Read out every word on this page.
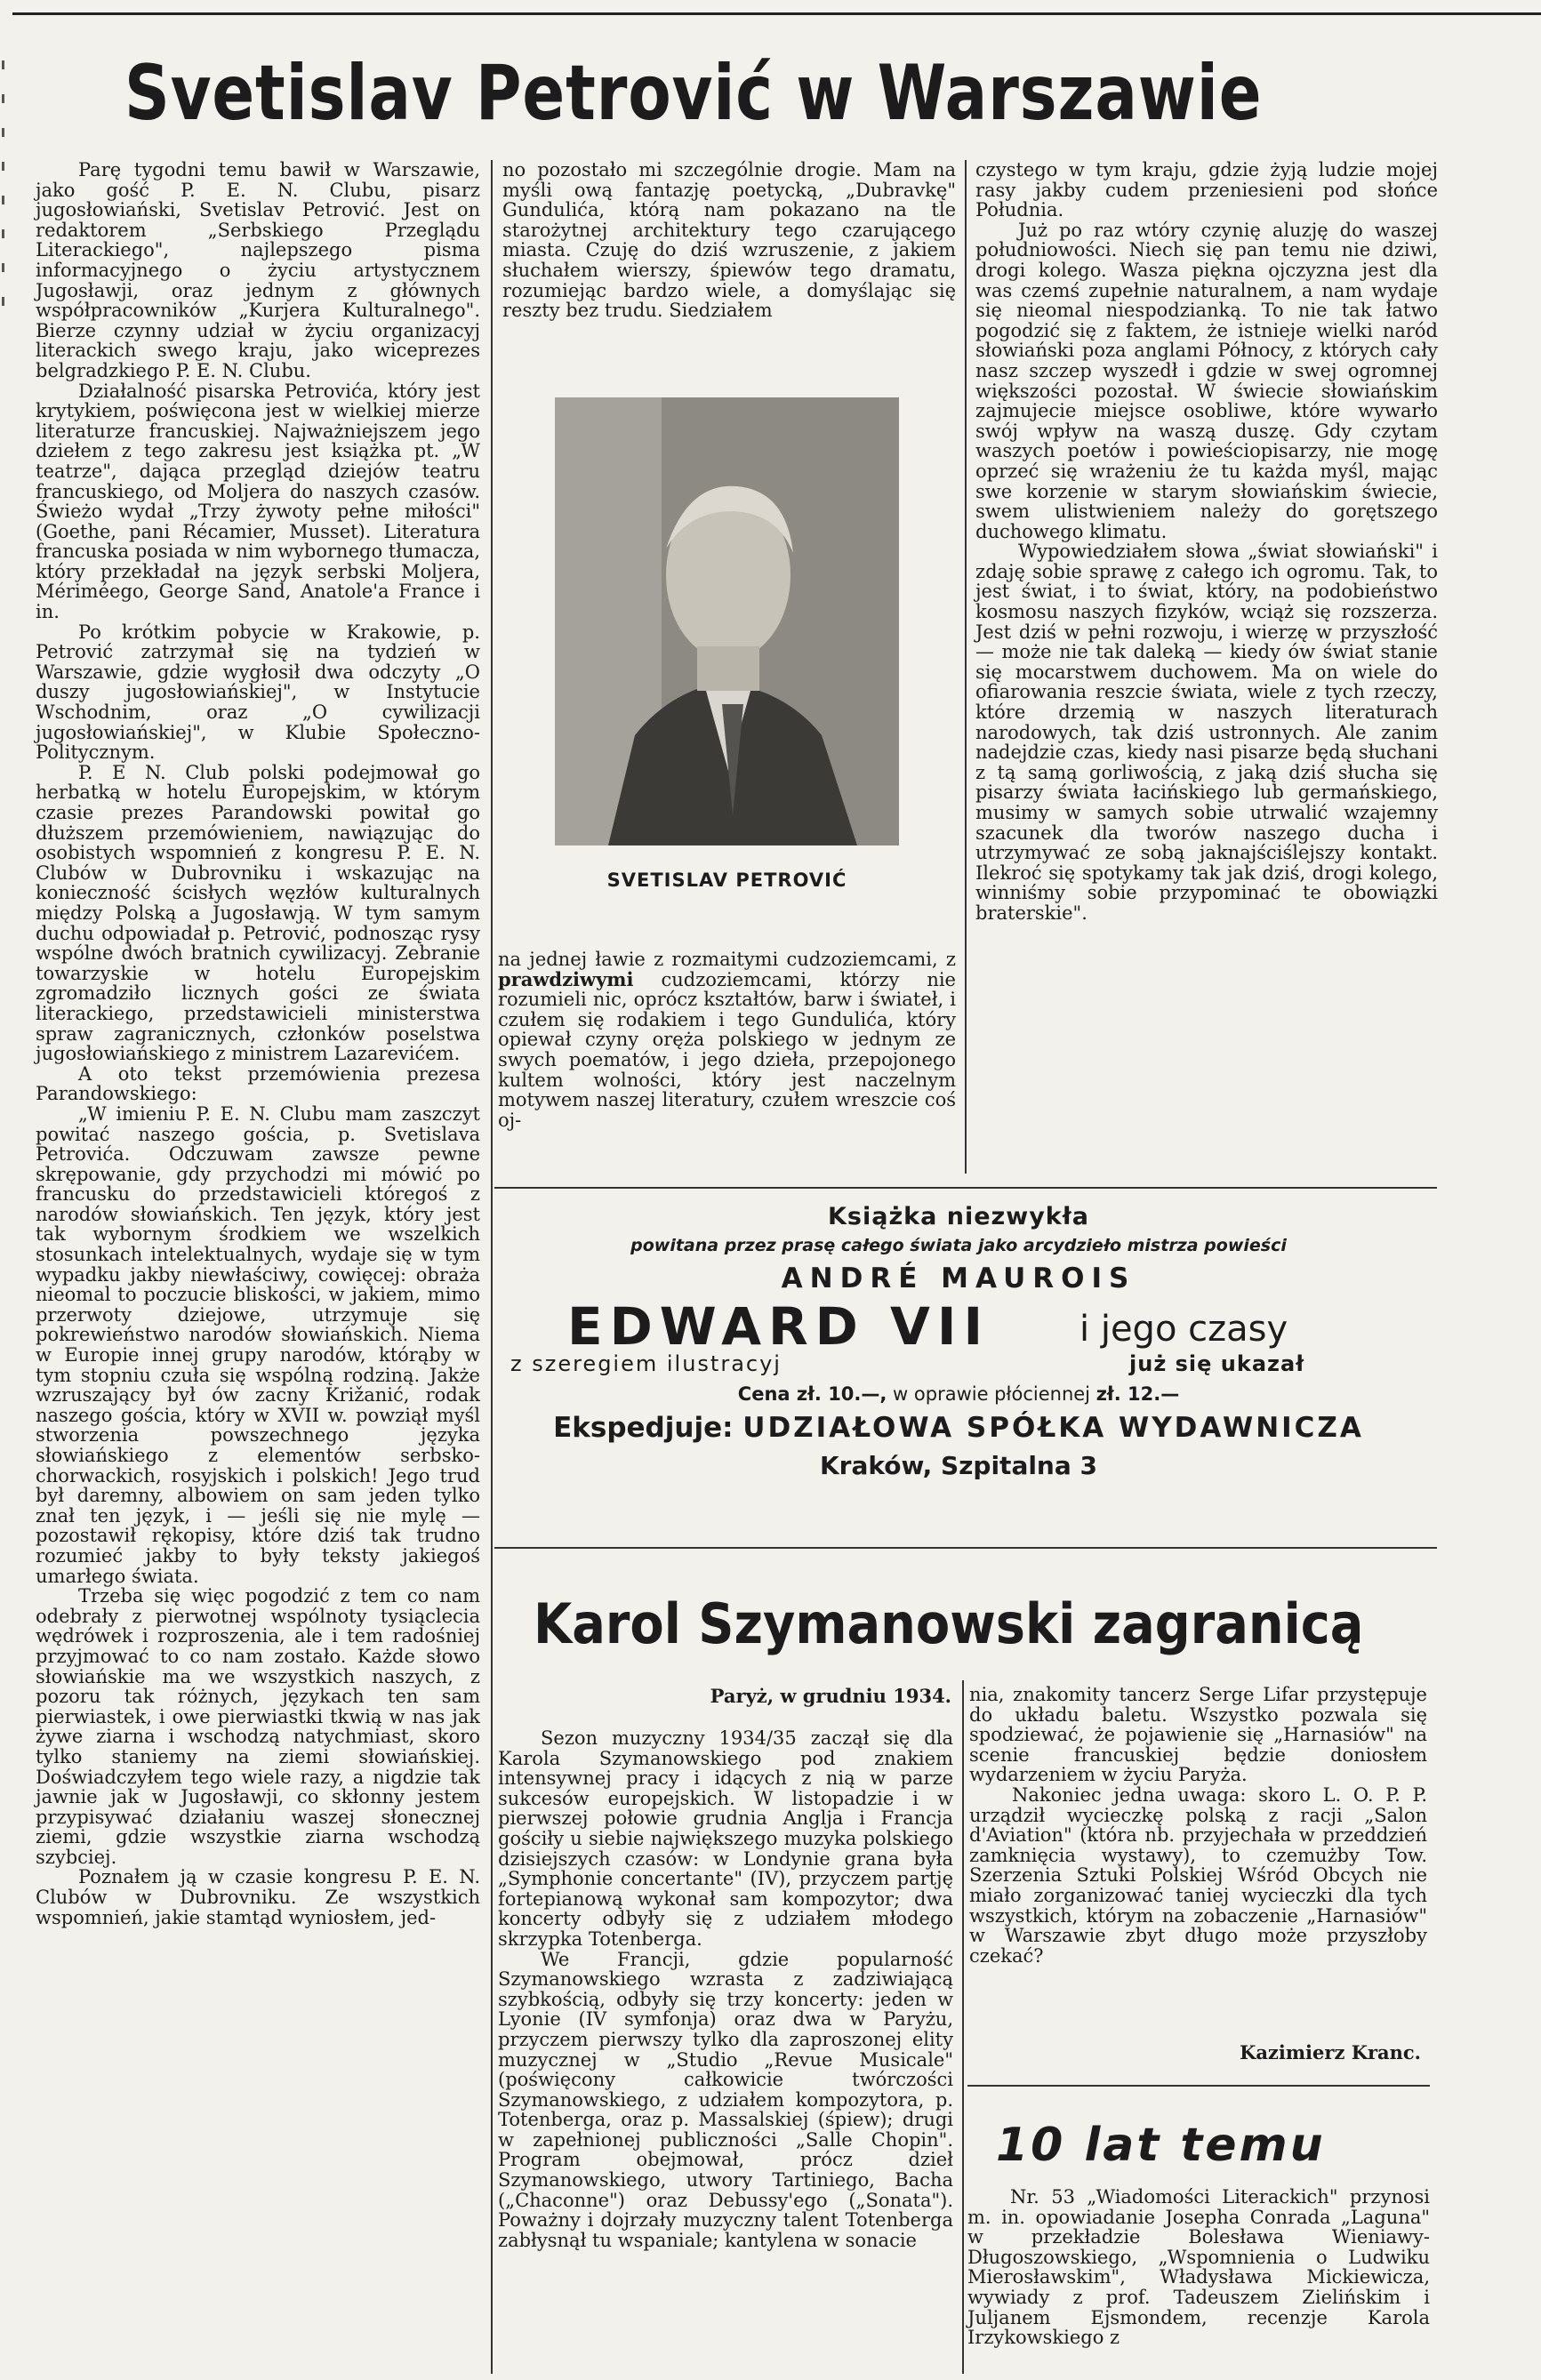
Svetislav Petrović w Warszawie

Parę tygodni temu bawił w Warszawie, jako gość P. E. N. Clubu, pisarz jugosłowiański, Svetislav Petrović. Jest on redaktorem „Serbskiego Przeglądu Literackiego", najlepszego pisma informacyjnego o życiu artystycznem Jugosławji, oraz jednym z głównych współpracowników „Kurjera Kulturalnego". Bierze czynny udział w życiu organizacyj literackich swego kraju, jako wiceprezes belgradzkiego P. E. N. Clubu.

Działalność pisarska Petrovića, który jest krytykiem, poświęcona jest w wielkiej mierze literaturze francuskiej. Najważniejszem jego dziełem z tego zakresu jest książka pt. „W teatrze", dająca przegląd dziejów teatru francuskiego, od Moljera do naszych czasów. Świeżo wydał „Trzy żywoty pełne miłości" (Goethe, pani Récamier, Musset). Literatura francuska posiada w nim wybornego tłumacza, który przekładał na język serbski Moljera, Mériméego, George Sand, Anatole'a France i in.

Po krótkim pobycie w Krakowie, p. Petrović zatrzymał się na tydzień w Warszawie, gdzie wygłosił dwa odczyty „O duszy jugosłowiańskiej", w Instytucie Wschodnim, oraz „O cywilizacji jugosłowiańskiej", w Klubie Społeczno-Politycznym.

P. E N. Club polski podejmował go herbatką w hotelu Europejskim, w którym czasie prezes Parandowski powitał go dłuższem przemówieniem, nawiązując do osobistych wspomnień z kongresu P. E. N. Clubów w Dubrovniku i wskazując na konieczność ścisłych węzłów kulturalnych między Polską a Jugosławją. W tym samym duchu odpowiadał p. Petrović, podnosząc rysy wspólne dwóch bratnich cywilizacyj. Zebranie towarzyskie w hotelu Europejskim zgromadziło licznych gości ze świata literackiego, przedstawicieli ministerstwa spraw zagranicznych, członków poselstwa jugosłowiańskiego z ministrem Lazarevićem.

A oto tekst przemówienia prezesa Parandowskiego:

„W imieniu P. E. N. Clubu mam zaszczyt powitać naszego gościa, p. Svetislava Petrovića. Odczuwam zawsze pewne skrępowanie, gdy przychodzi mi mówić po francusku do przedstawicieli któregoś z narodów słowiańskich. Ten język, który jest tak wybornym środkiem we wszelkich stosunkach intelektualnych, wydaje się w tym wypadku jakby niewłaściwy, cowięcej: obraża nieomal to poczucie bliskości, w jakiem, mimo przerwoty dziejowe, utrzymuje się pokrewieństwo narodów słowiańskich. Niema w Europie innej grupy narodów, którąby w tym stopniu czuła się wspólną rodziną. Jakże wzruszający był ów zacny Križanić, rodak naszego gościa, który w XVII w. powziął myśl stworzenia powszechnego języka słowiańskiego z elementów serbsko-chorwackich, rosyjskich i polskich! Jego trud był daremny, albowiem on sam jeden tylko znał ten język, i — jeśli się nie mylę — pozostawił rękopisy, które dziś tak trudno rozumieć jakby to były teksty jakiegoś umarłego świata.

Trzeba się więc pogodzić z tem co nam odebrały z pierwotnej wspólnoty tysiąclecia wędrówek i rozproszenia, ale i tem radośniej przyjmować to co nam zostało. Każde słowo słowiańskie ma we wszystkich naszych, z pozoru tak różnych, językach ten sam pierwiastek, i owe pierwiastki tkwią w nas jak żywe ziarna i wschodzą natychmiast, skoro tylko staniemy na ziemi słowiańskiej. Doświadczyłem tego wiele razy, a nigdzie tak jawnie jak w Jugosławji, co skłonny jestem przypisywać działaniu waszej słonecznej ziemi, gdzie wszystkie ziarna wschodzą szybciej.

Poznałem ją w czasie kongresu P. E. N. Clubów w Dubrovniku. Ze wszystkich wspomnień, jakie stamtąd wyniosłem, jed-

no pozostało mi szczególnie drogie. Mam na myśli ową fantazję poetycką, „Dubravkę" Gundulića, którą nam pokazano na tle starożytnej architektury tego czarującego miasta. Czuję do dziś wzruszenie, z jakiem słuchałem wierszy, śpiewów tego dramatu, rozumiejąc bardzo wiele, a domyślając się reszty bez trudu. Siedziałem

SVETISLAV PETROVIĆ

na jednej ławie z rozmaitymi cudzoziemcami, z prawdziwymi cudzoziemcami, którzy nie rozumieli nic, oprócz kształtów, barw i świateł, i czułem się rodakiem i tego Gundulića, który opiewał czyny oręża polskiego w jednym ze swych poematów, i jego dzieła, przepojonego kultem wolności, który jest naczelnym motywem naszej literatury, czułem wreszcie coś oj-

czystego w tym kraju, gdzie żyją ludzie mojej rasy jakby cudem przeniesieni pod słońce Południa.

Już po raz wtóry czynię aluzję do waszej południowości. Niech się pan temu nie dziwi, drogi kolego. Wasza piękna ojczyzna jest dla was czemś zupełnie naturalnem, a nam wydaje się nieomal niespodzianką. To nie tak łatwo pogodzić się z faktem, że istnieje wielki naród słowiański poza anglami Północy, z których cały nasz szczep wyszedł i gdzie w swej ogromnej większości pozostał. W świecie słowiańskim zajmujecie miejsce osobliwe, które wywarło swój wpływ na waszą duszę. Gdy czytam waszych poetów i powieściopisarzy, nie mogę oprzeć się wrażeniu że tu każda myśl, mając swe korzenie w starym słowiańskim świecie, swem ulistwieniem należy do gorętszego duchowego klimatu.

Wypowiedziałem słowa „świat słowiański" i zdaję sobie sprawę z całego ich ogromu. Tak, to jest świat, i to świat, który, na podobieństwo kosmosu naszych fizyków, wciąż się rozszerza. Jest dziś w pełni rozwoju, i wierzę w przyszłość — może nie tak daleką — kiedy ów świat stanie się mocarstwem duchowem. Ma on wiele do ofiarowania reszcie świata, wiele z tych rzeczy, które drzemią w naszych literaturach narodowych, tak dziś ustronnych. Ale zanim nadejdzie czas, kiedy nasi pisarze będą słuchani z tą samą gorliwością, z jaką dziś słucha się pisarzy świata łacińskiego lub germańskiego, musimy w samych sobie utrwalić wzajemny szacunek dla tworów naszego ducha i utrzymywać ze sobą jaknajściślejszy kontakt. Ilekroć się spotykamy tak jak dziś, drogi kolego, winniśmy sobie przypominać te obowiązki braterskie".

Książka niezwykła
powitana przez prasę całego świata jako arcydzieło mistrza powieści
ANDRÉ MAUROIS
EDWARD VII	i jego czasy
z szeregiem ilustracyj	już się ukazał
Cena zł. 10.—, w oprawie płóciennej zł. 12.—
Ekspedjuje: UDZIAŁOWA SPÓŁKA WYDAWNICZA
Kraków, Szpitalna 3
Karol Szymanowski zagranicą
Paryż, w grudniu 1934.

Sezon muzyczny 1934/35 zaczął się dla Karola Szymanowskiego pod znakiem intensywnej pracy i idących z nią w parze sukcesów europejskich. W listopadzie i w pierwszej połowie grudnia Anglja i Francja gościły u siebie największego muzyka polskiego dzisiejszych czasów: w Londynie grana była „Symphonie concertante" (IV), przyczem partję fortepianową wykonał sam kompozytor; dwa koncerty odbyły się z udziałem młodego skrzypka Totenberga.

We Francji, gdzie popularność Szymanowskiego wzrasta z zadziwiającą szybkością, odbyły się trzy koncerty: jeden w Lyonie (IV symfonja) oraz dwa w Paryżu, przyczem pierwszy tylko dla zaproszonej elity muzycznej w „Studio „Revue Musicale" (poświęcony całkowicie twórczości Szymanowskiego, z udziałem kompozytora, p. Totenberga, oraz p. Massalskiej (śpiew); drugi w zapełnionej publiczności „Salle Chopin". Program obejmował, prócz dzieł Szymanowskiego, utwory Tartiniego, Bacha („Chaconne") oraz Debussy'ego („Sonata"). Poważny i dojrzały muzyczny talent Totenberga zabłysnął tu wspaniale; kantylena w sonacie

nia, znakomity tancerz Serge Lifar przystępuje do układu baletu. Wszystko pozwala się spodziewać, że pojawienie się „Harnasiów" na scenie francuskiej będzie doniosłem wydarzeniem w życiu Paryża.

Nakoniec jedna uwaga: skoro L. O. P. P. urządził wycieczkę polską z racji „Salon d'Aviation" (która nb. przyjechała w przeddzień zamknięcia wystawy), to czemużby Tow. Szerzenia Sztuki Polskiej Wśród Obcych nie miało zorganizować taniej wycieczki dla tych wszystkich, którym na zobaczenie „Harnasiów" w Warszawie zbyt długo może przyszłoby czekać?

Kazimierz Kranc.
10 lat temu

Nr. 53 „Wiadomości Literackich" przynosi m. in. opowiadanie Josepha Conrada „Laguna" w przekładzie Bolesława Wieniawy-Długoszowskiego, „Wspomnienia o Ludwiku Mierosławskim", Władysława Mickiewicza, wywiady z prof. Tadeuszem Zielińskim i Juljanem Ejsmondem, recenzje Karola Irzykowskiego z
